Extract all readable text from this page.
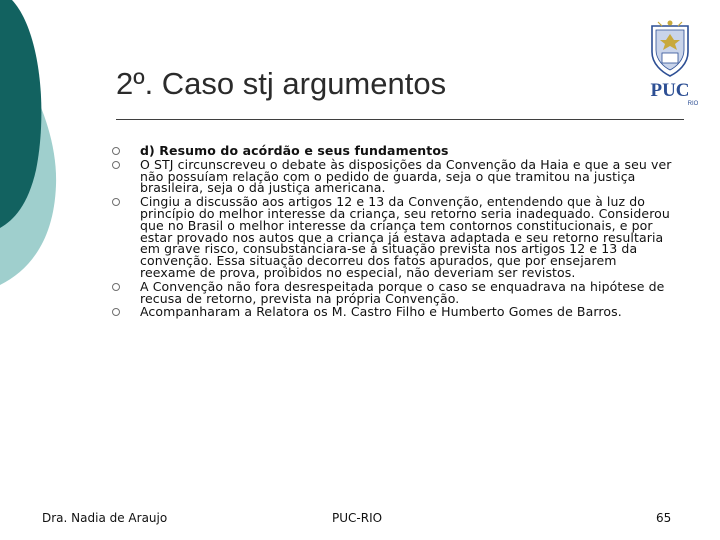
2º. Caso stj argumentos	PUC
RIO
d) Resumo do acórdão e seus fundamentos
O STJ circunscreveu o debate às disposições da Convenção da Haia e que a seu ver não possuíam relação com o pedido de guarda, seja o que tramitou na justiça brasileira, seja o da justiça americana.
Cingiu a discussão aos artigos 12 e 13 da Convenção, entendendo que à luz do princípio do melhor interesse da criança, seu retorno seria inadequado. Considerou que no Brasil o melhor interesse da criança tem contornos constitucionais, e por estar provado nos autos que a criança já estava adaptada e seu retorno resultaria em grave risco, consubstanciara-se a situação prevista nos artigos 12 e 13 da convenção. Essa situação decorreu dos fatos apurados, que por ensejarem reexame de prova, proibidos no especial, não deveriam ser revistos.
A Convenção não fora desrespeitada porque o caso se enquadrava na hipótese de recusa de retorno, prevista na própria Convenção.
Acompanharam a Relatora os M. Castro Filho e Humberto Gomes de Barros.
Dra. Nadia de Araujo	PUC-RIO	65
